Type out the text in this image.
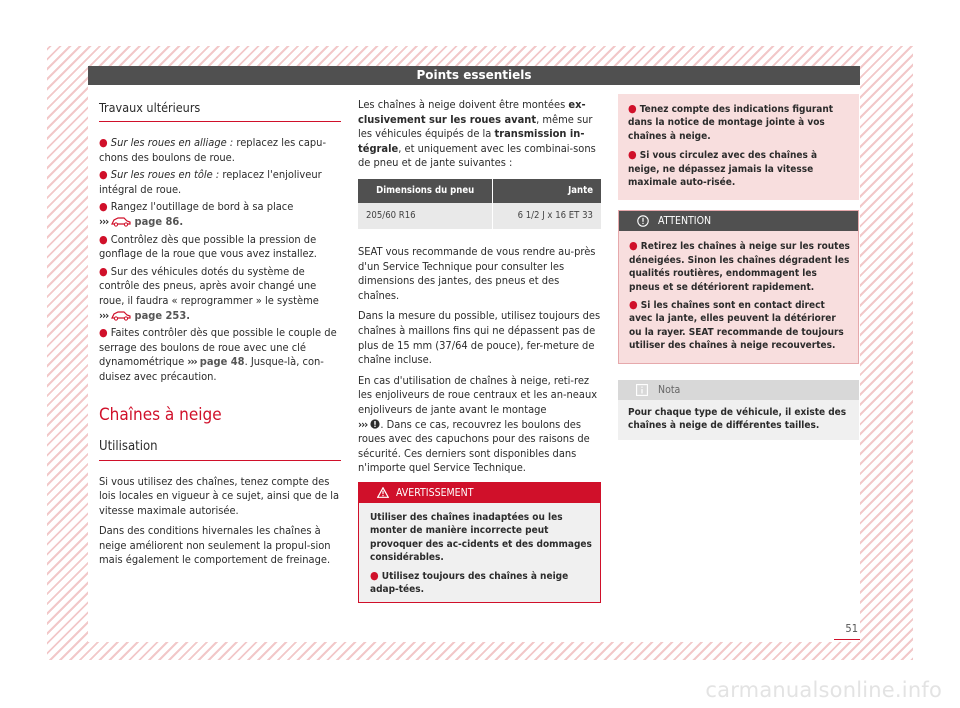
Points essentiels
Travaux ultérieurs
● Sur les roues en alliage : replacez les capu-chons des boulons de roue.
● Sur les roues en tôle : replacez l'enjoliveur intégral de roue.
● Rangez l'outillage de bord à sa place
››› page 86.
● Contrôlez dès que possible la pression de gonflage de la roue que vous avez installez.
● Sur des véhicules dotés du système de contrôle des pneus, après avoir changé une roue, il faudra « reprogrammer » le système
››› page 253.
● Faites contrôler dès que possible le couple de serrage des boulons de roue avec une clé dynamométrique ››› page 48. Jusque-là, con-duisez avec précaution.
Chaînes à neige
Utilisation

Si vous utilisez des chaînes, tenez compte des lois locales en vigueur à ce sujet, ainsi que de la vitesse maximale autorisée.

Dans des conditions hivernales les chaînes à neige améliorent non seulement la propul-sion mais également le comportement de freinage.

Les chaînes à neige doivent être montées ex-clusivement sur les roues avant, même sur les véhicules équipés de la transmission in-tégrale, et uniquement avec les combinai-sons de pneu et de jante suivantes :

Dimensions du pneu	Jante
205/60 R16	6 1/2 J x 16 ET 33

SEAT vous recommande de vous rendre au-près d'un Service Technique pour consulter les dimensions des jantes, des pneus et des chaînes.

Dans la mesure du possible, utilisez toujours des chaînes à maillons fins qui ne dépassent pas de plus de 15 mm (37/64 de pouce), fer-meture de chaîne incluse.

En cas d'utilisation de chaînes à neige, reti-rez les enjoliveurs de roue centraux et les an-neaux enjoliveurs de jante avant le montage
››› . Dans ce cas, recouvrez les boulons des roues avec des capuchons pour des raisons de sécurité. Ces derniers sont disponibles dans n'importe quel Service Technique.

AVERTISSEMENT
Utiliser des chaînes inadaptées ou les monter de manière incorrecte peut provoquer des ac-cidents et des dommages considérables.
● Utilisez toujours des chaînes à neige adap-tées.
● Tenez compte des indications figurant dans la notice de montage jointe à vos chaînes à neige.
● Si vous circulez avec des chaînes à neige, ne dépassez jamais la vitesse maximale auto-risée.
ATTENTION
● Retirez les chaînes à neige sur les routes déneigées. Sinon les chaînes dégradent les qualités routières, endommagent les pneus et se détériorent rapidement.
● Si les chaînes sont en contact direct avec la jante, elles peuvent la détériorer ou la rayer. SEAT recommande de toujours utiliser des chaînes à neige recouvertes.
Nota
Pour chaque type de véhicule, il existe des chaînes à neige de différentes tailles.
51
carmanualsonline.info
